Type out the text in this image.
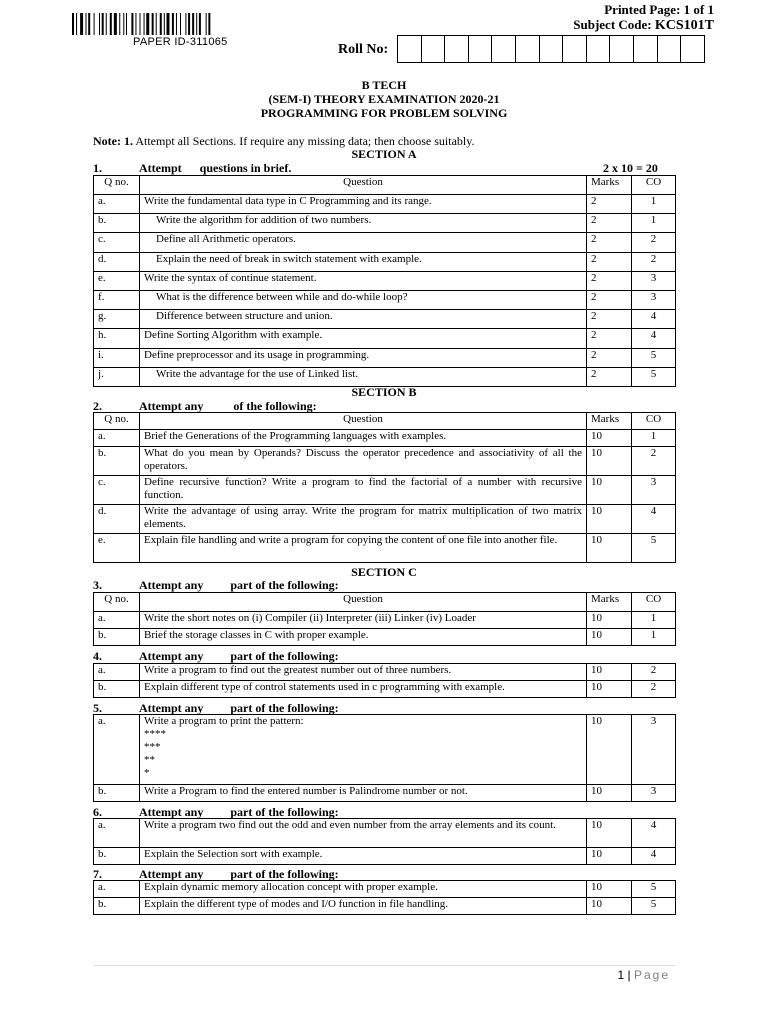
PAPER ID-311065
Printed Page: 1 of 1
Subject Code: KCS101T
Roll No:
B TECH
(SEM-I) THEORY EXAMINATION 2020-21
PROGRAMMING FOR PROBLEM SOLVING
Note: 1. Attempt all Sections. If require any missing data; then choose suitably.
SECTION A
1.	Attempt      questions in brief.	2 x 10 = 20
Q no.	Question	Marks	CO
a.	Write the fundamental data type in C Programming and its range.	2	1
b.	Write the algorithm for addition of two numbers.	2	1
c.	Define all Arithmetic operators.	2	2
d.	Explain the need of break in switch statement with example.	2	2
e.	Write the syntax of continue statement.	2	3
f.	What is the difference between while and do-while loop?	2	3
g.	Difference between structure and union.	2	4
h.	Define Sorting Algorithm with example.	2	4
i.	Define preprocessor and its usage in programming.	2	5
j.	Write the advantage for the use of Linked list.	2	5
SECTION B
2.	Attempt any          of the following:
Q no.	Question	Marks	CO
a.	Brief the Generations of the Programming languages with examples.	10	1
b.	What do you mean by Operands? Discuss the operator precedence and associativity of all the operators.	10	2
c.	Define recursive function? Write a program to find the factorial of a number with recursive function.	10	3
d.	Write the advantage of using array. Write the program for matrix multiplication of two matrix elements.	10	4
e.	Explain file handling and write a program for copying the content of one file into another file.	10	5
SECTION C
3.	Attempt any         part of the following:
Q no.	Question	Marks	CO
a.	Write the short notes on (i) Compiler (ii) Interpreter (iii) Linker (iv) Loader	10	1
b.	Brief the storage classes in C with proper example.	10	1
4.	Attempt any         part of the following:
a.	Write a program to find out the greatest number out of three numbers.	10	2
b.	Explain different type of control statements used in c programming with example.	10	2
5.	Attempt any         part of the following:
a.	Write a program to print the pattern:
****
***
**
*	10	3
b.	Write a Program to find the entered number is Palindrome number or not.	10	3
6.	Attempt any         part of the following:
a.	Write a program two find out the odd and even number from the array elements and its count.	10	4
b.	Explain the Selection sort with example.	10	4
7.	Attempt any         part of the following:
a.	Explain dynamic memory allocation concept with proper example.	10	5
b.	Explain the different type of modes and I/O function in file handling.	10	5
1 | Page
